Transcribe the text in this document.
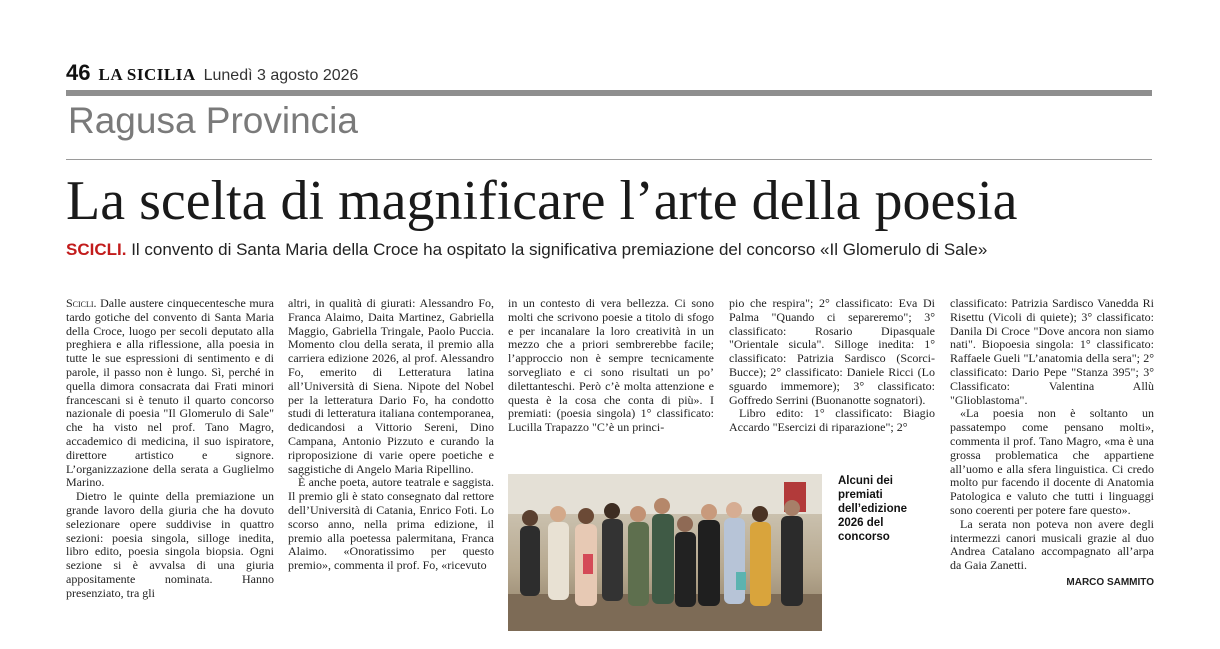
46 LA SICILIA Lunedì 3 agosto 2026
Ragusa Provincia
La scelta di magnificare l’arte della poesia
SCICLI. Il convento di Santa Maria della Croce ha ospitato la significativa premiazione del concorso «Il Glomerulo di Sale»

Scicli. Dalle austere cinquecentesche mura tardo gotiche del convento di Santa Maria della Croce, luogo per secoli deputato alla preghiera e alla riflessione, alla poesia in tutte le sue espressioni di sentimento e di parole, il passo non è lungo. Sì, perché in quella dimora consacrata dai Frati minori francescani si è tenuto il quarto concorso nazionale di poesia "Il Glomerulo di Sale" che ha visto nel prof. Tano Magro, accademico di medicina, il suo ispiratore, direttore artistico e signore. L’organizzazione della serata a Guglielmo Marino.

Dietro le quinte della premiazione un grande lavoro della giuria che ha dovuto selezionare opere suddivise in quattro sezioni: poesia singola, silloge inedita, libro edito, poesia singola biopsia. Ogni sezione si è avvalsa di una giuria appositamente nominata. Hanno presenziato, tra gli

altri, in qualità di giurati: Alessandro Fo, Franca Alaimo, Daita Martinez, Gabriella Maggio, Gabriella Tringale, Paolo Puccia. Momento clou della serata, il premio alla carriera edizione 2026, al prof. Alessandro Fo, emerito di Letteratura latina all’Università di Siena. Nipote del Nobel per la letteratura Dario Fo, ha condotto studi di letteratura italiana contemporanea, dedicandosi a Vittorio Sereni, Dino Campana, Antonio Pizzuto e curando la riproposizione di varie opere poetiche e saggistiche di Angelo Maria Ripellino.

È anche poeta, autore teatrale e saggista. Il premio gli è stato consegnato dal rettore dell’Università di Catania, Enrico Foti. Lo scorso anno, nella prima edizione, il premio alla poetessa palermitana, Franca Alaimo. «Onoratissimo per questo premio», commenta il prof. Fo, «ricevuto

in un contesto di vera bellezza. Ci sono molti che scrivono poesie a titolo di sfogo e per incanalare la loro creatività in un mezzo che a priori sembrerebbe facile; l’approccio non è sempre tecnicamente sorvegliato e ci sono risultati un po’ dilettanteschi. Però c’è molta attenzione e questa è la cosa che conta di più». I premiati: (poesia singola) 1° classificato: Lucilla Trapazzo "C’è un princi-

pio che respira"; 2° classificato: Eva Di Palma "Quando ci separeremo"; 3° classificato: Rosario Dipasquale "Orientale sicula". Silloge inedita: 1° classificato: Patrizia Sardisco (Scorci-Bucce); 2° classificato: Daniele Ricci (Lo sguardo immemore); 3° classificato: Goffredo Serrini (Buonanotte sognatori).

Libro edito: 1° classificato: Biagio Accardo "Esercizi di riparazione"; 2°

classificato: Patrizia Sardisco Vanedda Ri Risettu (Vicoli di quiete); 3° classificato: Danila Di Croce "Dove ancora non siamo nati". Biopoesia singola: 1° classificato: Raffaele Gueli "L’anatomia della sera"; 2° classificato: Dario Pepe "Stanza 395"; 3° Classificato: Valentina Allù "Glioblastoma".

«La poesia non è soltanto un passatempo come pensano molti», commenta il prof. Tano Magro, «ma è una grossa problematica che appartiene all’uomo e alla sfera linguistica. Ci credo molto pur facendo il docente di Anatomia Patologica e valuto che tutti i linguaggi sono coerenti per potere fare questo».

La serata non poteva non avere degli intermezzi canori musicali grazie al duo Andrea Catalano accompagnato all’arpa da Gaia Zanetti.

MARCO SAMMITO
Alcuni dei premiati dell’edizione 2026 del concorso
